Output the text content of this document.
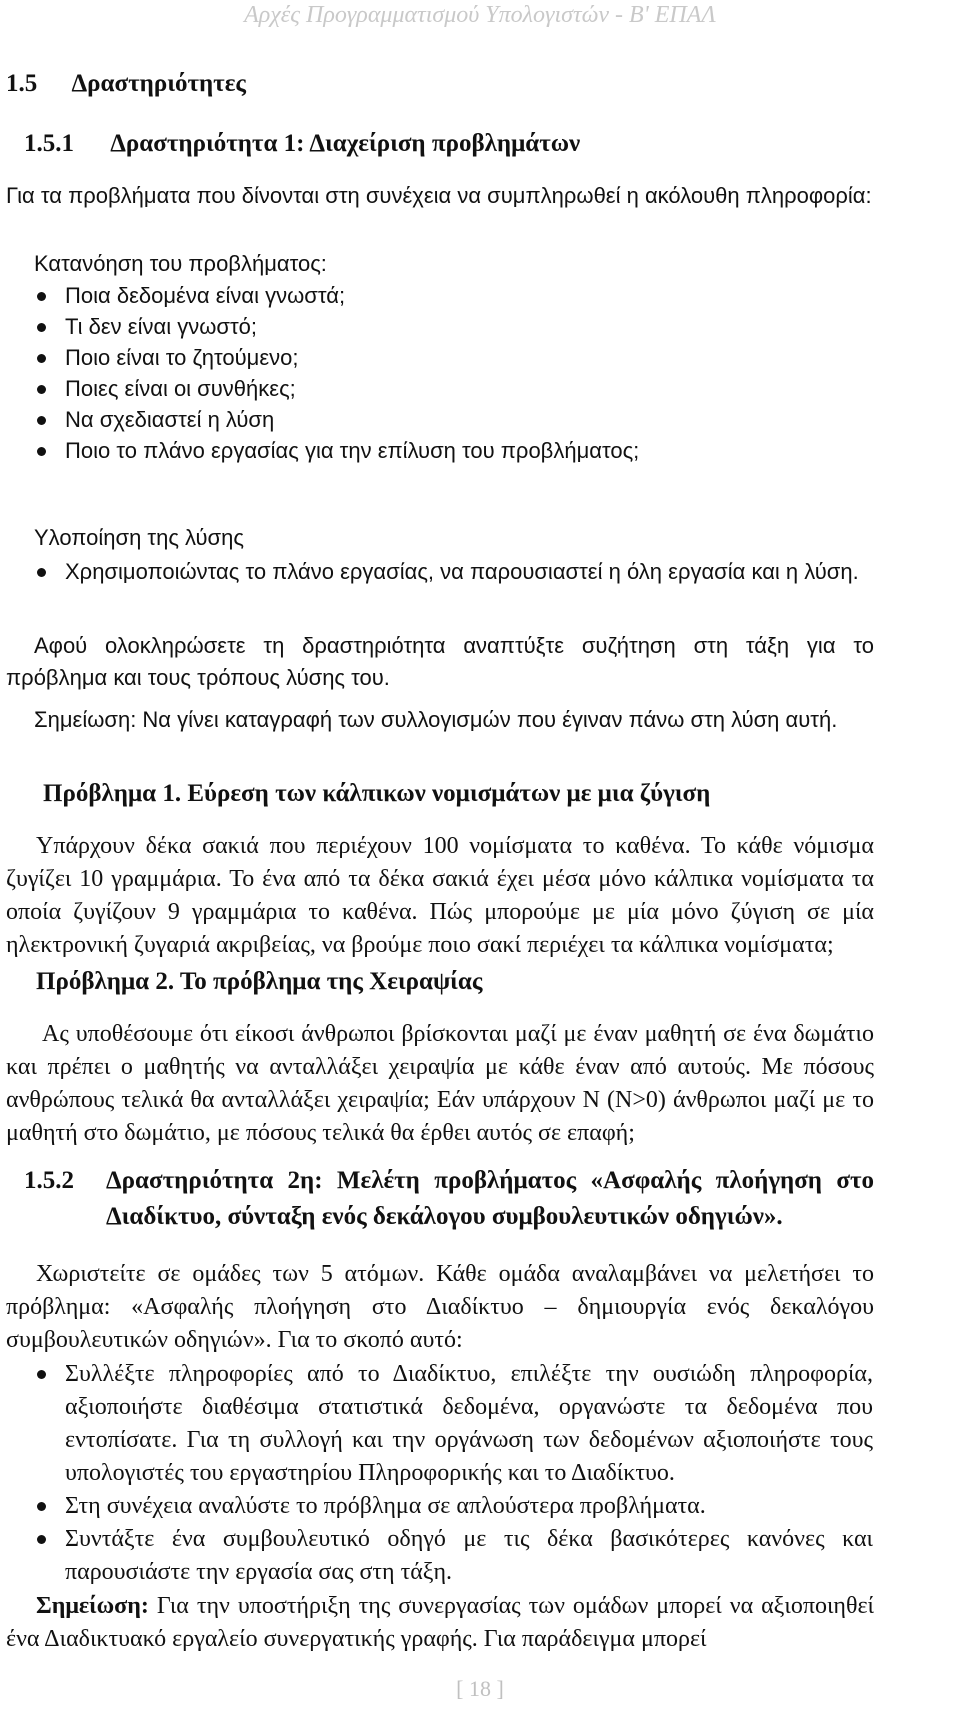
Αρχές Προγραμματισμού Υπολογιστών - Β' ΕΠΑΛ
1.5 Δραστηριότητες
1.5.1 Δραστηριότητα 1: Διαχείριση προβλημάτων
Για τα προβλήματα που δίνονται στη συνέχεια να συμπληρωθεί η ακόλουθη πληροφορία:
Κατανόηση του προβλήματος:
Ποια δεδομένα είναι γνωστά;
Τι δεν είναι γνωστό;
Ποιο είναι το ζητούμενο;
Ποιες είναι οι συνθήκες;
Να σχεδιαστεί η λύση
Ποιο το πλάνο εργασίας για την επίλυση του προβλήματος;
Υλοποίηση της λύσης
Χρησιμοποιώντας το πλάνο εργασίας, να παρουσιαστεί η όλη εργασία και η λύση.
Αφού ολοκληρώσετε τη δραστηριότητα αναπτύξτε συζήτηση στη τάξη για το πρόβλημα και τους τρόπους λύσης του.
Σημείωση: Να γίνει καταγραφή των συλλογισμών που έγιναν πάνω στη λύση αυτή.
Πρόβλημα 1. Εύρεση των κάλπικων νομισμάτων με μια ζύγιση
Υπάρχουν δέκα σακιά που περιέχουν 100 νομίσματα το καθένα. Το κάθε νόμισμα ζυγίζει 10 γραμμάρια. Το ένα από τα δέκα σακιά έχει μέσα μόνο κάλπικα νομίσματα τα οποία ζυγίζουν 9 γραμμάρια το καθένα. Πώς μπορούμε με μία μόνο ζύγιση σε μία ηλεκτρονική ζυγαριά ακριβείας, να βρούμε ποιο σακί περιέχει τα κάλπικα νομίσματα;
Πρόβλημα 2. Το πρόβλημα της Χειραψίας
Ας υποθέσουμε ότι είκοσι άνθρωποι βρίσκονται μαζί με έναν μαθητή σε ένα δωμάτιο και πρέπει ο μαθητής να ανταλλάξει χειραψία με κάθε έναν από αυτούς. Με πόσους ανθρώπους τελικά θα ανταλλάξει χειραψία; Εάν υπάρχουν Ν (Ν>0) άνθρωποι μαζί με το μαθητή στο δωμάτιο, με πόσους τελικά θα έρθει αυτός σε επαφή;
1.5.2 Δραστηριότητα 2η: Μελέτη προβλήματος «Ασφαλής πλοήγηση στο Διαδίκτυο, σύνταξη ενός δεκάλογου συμβουλευτικών οδηγιών».
Χωριστείτε σε ομάδες των 5 ατόμων. Κάθε ομάδα αναλαμβάνει να μελετήσει το πρόβλημα: «Ασφαλής πλοήγηση στο Διαδίκτυο – δημιουργία ενός δεκαλόγου συμβουλευτικών οδηγιών». Για το σκοπό αυτό:
Συλλέξτε πληροφορίες από το Διαδίκτυο, επιλέξτε την ουσιώδη πληροφορία, αξιοποιήστε διαθέσιμα στατιστικά δεδομένα, οργανώστε τα δεδομένα που εντοπίσατε. Για τη συλλογή και την οργάνωση των δεδομένων αξιοποιήστε τους υπολογιστές του εργαστηρίου Πληροφορικής και το Διαδίκτυο.
Στη συνέχεια αναλύστε το πρόβλημα σε απλούστερα προβλήματα.
Συντάξτε ένα συμβουλευτικό οδηγό με τις δέκα βασικότερες κανόνες και παρουσιάστε την εργασία σας στη τάξη.
Σημείωση: Για την υποστήριξη της συνεργασίας των ομάδων μπορεί να αξιοποιηθεί ένα Διαδικτυακό εργαλείο συνεργατικής γραφής. Για παράδειγμα μπορεί
[ 18 ]
